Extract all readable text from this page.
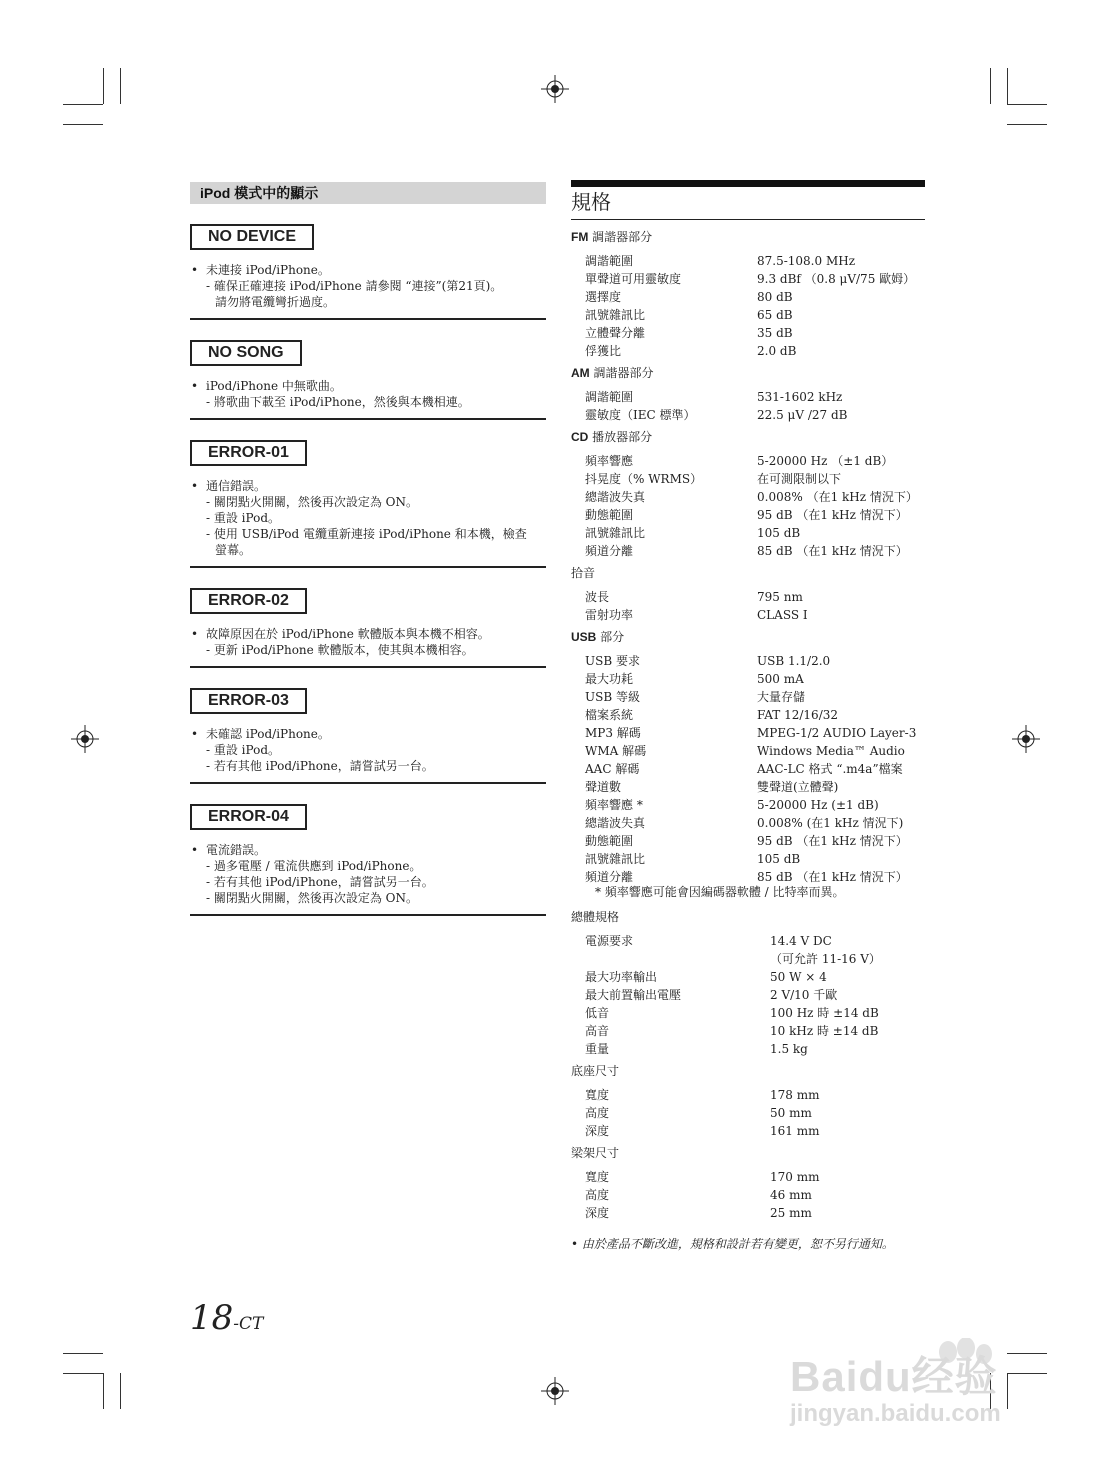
iPod 模式中的顯示
NO DEVICE
• 未連接 iPod/iPhone。
- 確保正確連接 iPod/iPhone 請參閱 “連接”(第21頁)。
請勿將電纜彎折過度。
NO SONG
• iPod/iPhone 中無歌曲。
- 將歌曲下載至 iPod/iPhone，然後與本機相連。
ERROR-01
• 通信錯誤。
- 關閉點火開關，然後再次設定為 ON。
- 重設 iPod。
- 使用 USB/iPod 電纜重新連接 iPod/iPhone 和本機，檢查
螢幕。
ERROR-02
• 故障原因在於 iPod/iPhone 軟體版本與本機不相容。
- 更新 iPod/iPhone 軟體版本，使其與本機相容。
ERROR-03
• 未確認 iPod/iPhone。
- 重設 iPod。
- 若有其他 iPod/iPhone，請嘗試另一台。
ERROR-04
• 電流錯誤。
- 過多電壓 / 電流供應到 iPod/iPhone。
- 若有其他 iPod/iPhone，請嘗試另一台。
- 關閉點火開關，然後再次設定為 ON。
規格
FM 調諧器部分
調諧範圍	87.5-108.0 MHz
單聲道可用靈敏度	9.3 dBf （0.8 μV/75 歐姆）
選擇度	80 dB
訊號雜訊比	65 dB
立體聲分離	35 dB
俘獲比	2.0 dB
AM 調諧器部分
調諧範圍	531-1602 kHz
靈敏度（IEC 標準）	22.5 μV /27 dB
CD 播放器部分
頻率響應	5-20000 Hz （±1 dB）
抖晃度（% WRMS）	在可測限制以下
總諧波失真	0.008% （在1 kHz 情況下）
動態範圍	95 dB （在1 kHz 情況下）
訊號雜訊比	105 dB
頻道分離	85 dB （在1 kHz 情況下）
拾音
波長	795 nm
雷射功率	CLASS I
USB 部分
USB 要求	USB 1.1/2.0
最大功耗	500 mA
USB 等級	大量存儲
檔案系統	FAT 12/16/32
MP3 解碼	MPEG-1/2 AUDIO Layer-3
WMA 解碼	Windows Media™ Audio
AAC 解碼	AAC-LC 格式 “.m4a”檔案
聲道數	雙聲道(立體聲)
頻率響應 *	5-20000 Hz (±1 dB)
總諧波失真	0.008% (在1 kHz 情況下)
動態範圍	95 dB （在1 kHz 情況下）
訊號雜訊比	105 dB
頻道分離	85 dB （在1 kHz 情況下）
* 頻率響應可能會因編碼器軟體 / 比特率而異。
總體規格
電源要求	14.4 V DC
（可允許 11-16 V）
最大功率輸出	50 W × 4
最大前置輸出電壓	2 V/10 千歐
低音	100 Hz 時 ±14 dB
高音	10 kHz 時 ±14 dB
重量	1.5 kg
底座尺寸
寬度	178 mm
高度	50 mm
深度	161 mm
梁架尺寸
寬度	170 mm
高度	46 mm
深度	25 mm
• 由於產品不斷改進，規格和設計若有變更，恕不另行通知。
18-CT
Baidu经验
jingyan.baidu.com
